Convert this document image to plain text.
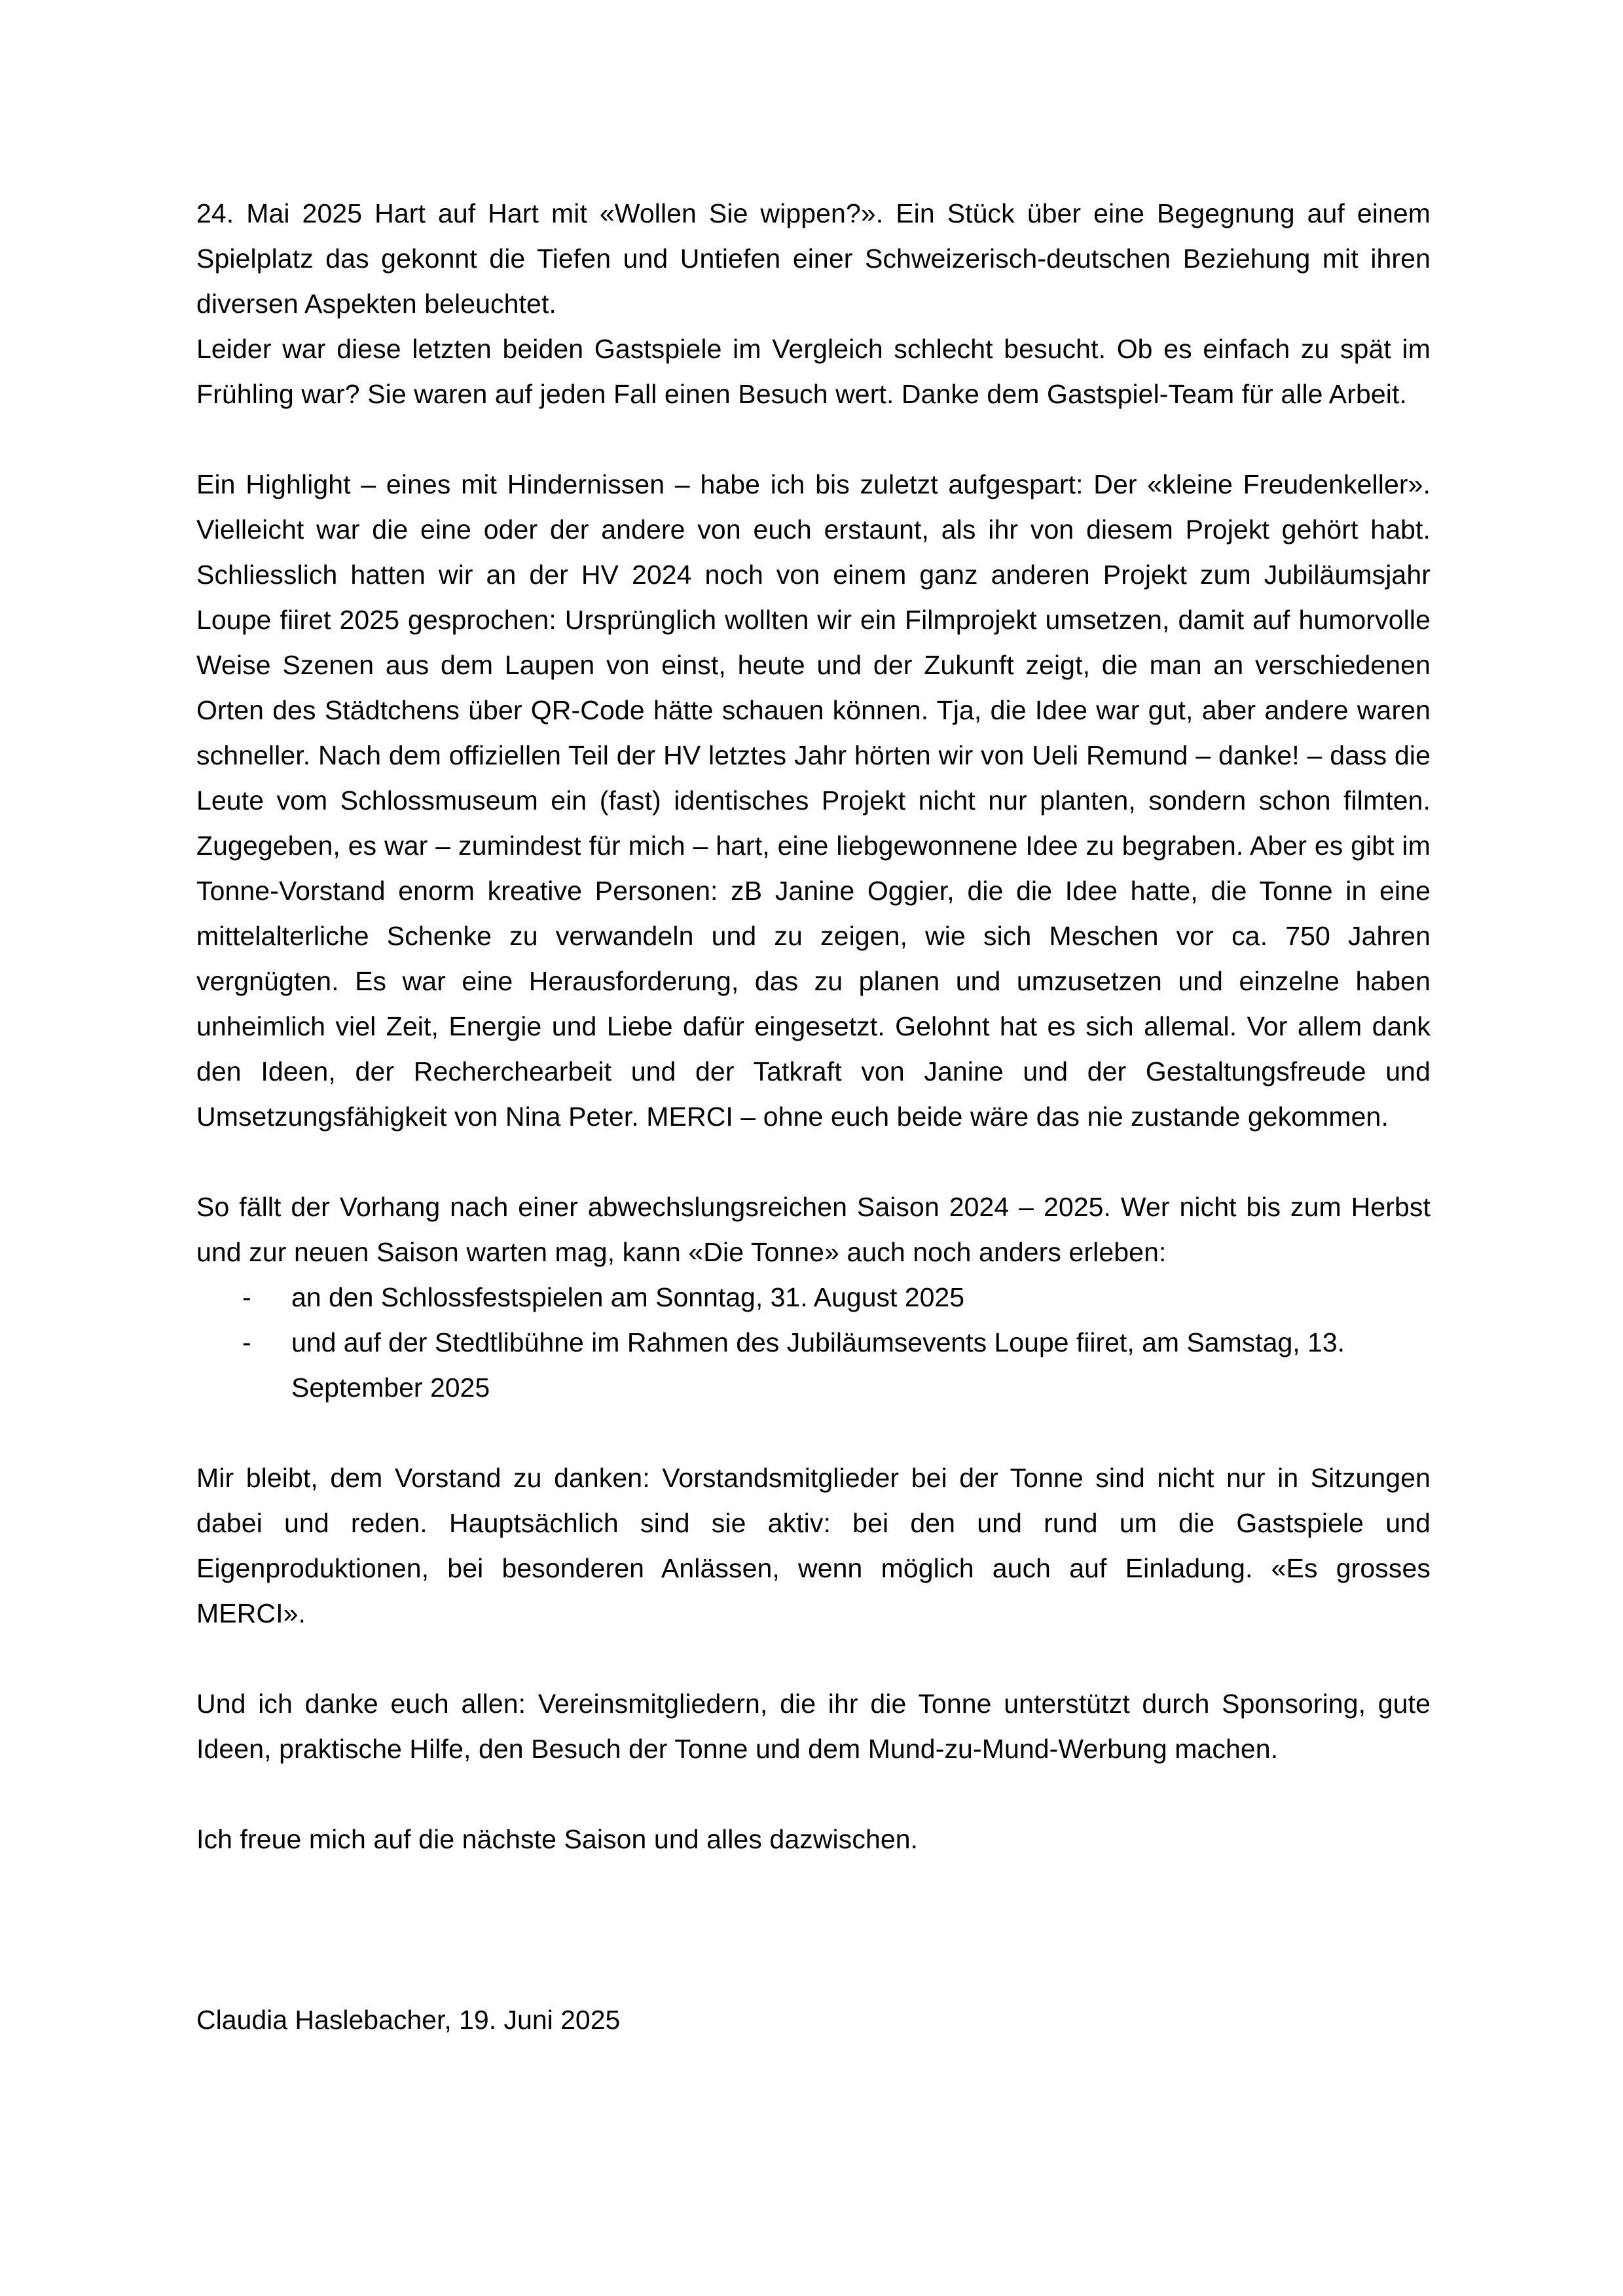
24. Mai 2025 Hart auf Hart mit «Wollen Sie wippen?». Ein Stück über eine Begegnung auf einem Spielplatz das gekonnt die Tiefen und Untiefen einer Schweizerisch-deutschen Beziehung mit ihren diversen Aspekten beleuchtet.

Leider war diese letzten beiden Gastspiele im Vergleich schlecht besucht. Ob es einfach zu spät im Frühling war? Sie waren auf jeden Fall einen Besuch wert. Danke dem Gastspiel-Team für alle Arbeit.

Ein Highlight – eines mit Hindernissen – habe ich bis zuletzt aufgespart: Der «kleine Freudenkeller». Vielleicht war die eine oder der andere von euch erstaunt, als ihr von diesem Projekt gehört habt. Schliesslich hatten wir an der HV 2024 noch von einem ganz anderen Projekt zum Jubiläumsjahr Loupe fiiret 2025 gesprochen: Ursprünglich wollten wir ein Filmprojekt umsetzen, damit auf humorvolle Weise Szenen aus dem Laupen von einst, heute und der Zukunft zeigt, die man an verschiedenen Orten des Städtchens über QR-Code hätte schauen können. Tja, die Idee war gut, aber andere waren schneller. Nach dem offiziellen Teil der HV letztes Jahr hörten wir von Ueli Remund – danke! – dass die Leute vom Schlossmuseum ein (fast) identisches Projekt nicht nur planten, sondern schon filmten. Zugegeben, es war – zumindest für mich – hart, eine liebgewonnene Idee zu begraben. Aber es gibt im Tonne-Vorstand enorm kreative Personen: zB Janine Oggier, die die Idee hatte, die Tonne in eine mittelalterliche Schenke zu verwandeln und zu zeigen, wie sich Meschen vor ca. 750 Jahren vergnügten. Es war eine Herausforderung, das zu planen und umzusetzen und einzelne haben unheimlich viel Zeit, Energie und Liebe dafür eingesetzt. Gelohnt hat es sich allemal. Vor allem dank den Ideen, der Recherchearbeit und der Tatkraft von Janine und der Gestaltungsfreude und Umsetzungsfähigkeit von Nina Peter. MERCI – ohne euch beide wäre das nie zustande gekommen.

So fällt der Vorhang nach einer abwechslungsreichen Saison 2024 – 2025. Wer nicht bis zum Herbst und zur neuen Saison warten mag, kann «Die Tonne» auch noch anders erleben:

- an den Schlossfestspielen am Sonntag, 31. August 2025
- und auf der Stedtlibühne im Rahmen des Jubiläumsevents Loupe fiiret, am Samstag, 13. September 2025

Mir bleibt, dem Vorstand zu danken: Vorstandsmitglieder bei der Tonne sind nicht nur in Sitzungen dabei und reden. Hauptsächlich sind sie aktiv: bei den und rund um die Gastspiele und Eigenproduktionen, bei besonderen Anlässen, wenn möglich auch auf Einladung. «Es grosses MERCI».

Und ich danke euch allen: Vereinsmitgliedern, die ihr die Tonne unterstützt durch Sponsoring, gute Ideen, praktische Hilfe, den Besuch der Tonne und dem Mund-zu-Mund-Werbung machen.

Ich freue mich auf die nächste Saison und alles dazwischen.

Claudia Haslebacher, 19. Juni 2025
